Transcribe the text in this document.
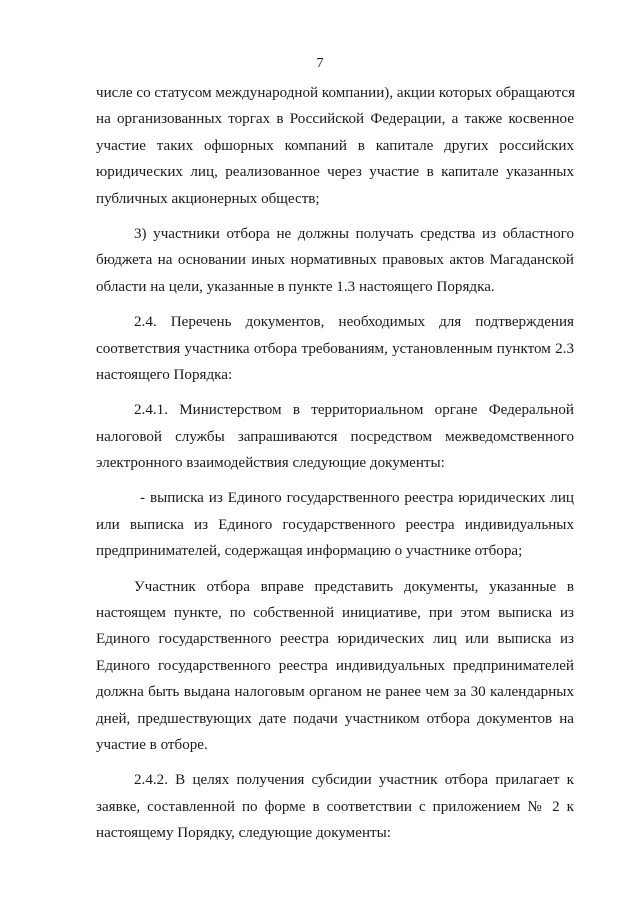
7
числе со статусом международной компании), акции которых обращаются
на организованных торгах в Российской Федерации, а также косвенное
участие таких офшорных компаний в капитале других российских
юридических лиц, реализованное через участие в капитале указанных
публичных акционерных обществ;
3) участники отбора не должны получать средства из областного
бюджета на основании иных нормативных правовых актов Магаданской
области на цели, указанные в пункте 1.3 настоящего Порядка.
2.4. Перечень документов, необходимых для подтверждения
соответствия участника отбора требованиям, установленным пунктом 2.3
настоящего Порядка:
2.4.1. Министерством в территориальном органе Федеральной
налоговой службы запрашиваются посредством межведомственного
электронного взаимодействия следующие документы:
- выписка из Единого государственного реестра юридических лиц
или выписка из Единого государственного реестра индивидуальных
предпринимателей, содержащая информацию о участнике отбора;
Участник отбора вправе представить документы, указанные в
настоящем пункте, по собственной инициативе, при этом выписка из
Единого государственного реестра юридических лиц или выписка из
Единого государственного реестра индивидуальных предпринимателей
должна быть выдана налоговым органом не ранее чем за 30 календарных
дней, предшествующих дате подачи участником отбора документов на
участие в отборе.
2.4.2. В целях получения субсидии участник отбора прилагает к
заявке, составленной по форме в соответствии с приложением № 2 к
настоящему Порядку, следующие документы:
